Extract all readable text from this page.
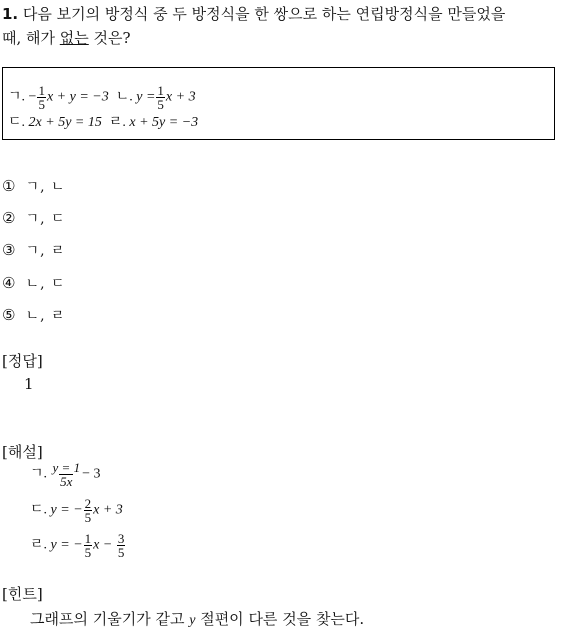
1. 다음 보기의 방정식 중 두 방정식을 한 쌍으로 하는 연립방정식을 만들었을
때, 해가 없는 것은?
ㄱ. − $\frac{1}{5}$ x + y = −3 ㄴ. $y = \frac{1}{5}$ x + 3
ㄷ. 2x + 5y = 15 ㄹ. x + 5y = −3
① ㄱ, ㄴ
② ㄱ, ㄷ
③ ㄱ, ㄹ
④ ㄴ, ㄷ
⑤ ㄴ, ㄹ
[정답]
1
[해설]
ㄱ. $\frac{y = 1}{5x} - 3$
ㄷ. y = − $\frac{2}{5}$ x + 3
ㄹ. y = − $\frac{1}{5}$ $x - \frac{3}{5}$
[힌트]
그래프의 기울기가 같고 y 절편이 다른 것을 찾는다.
